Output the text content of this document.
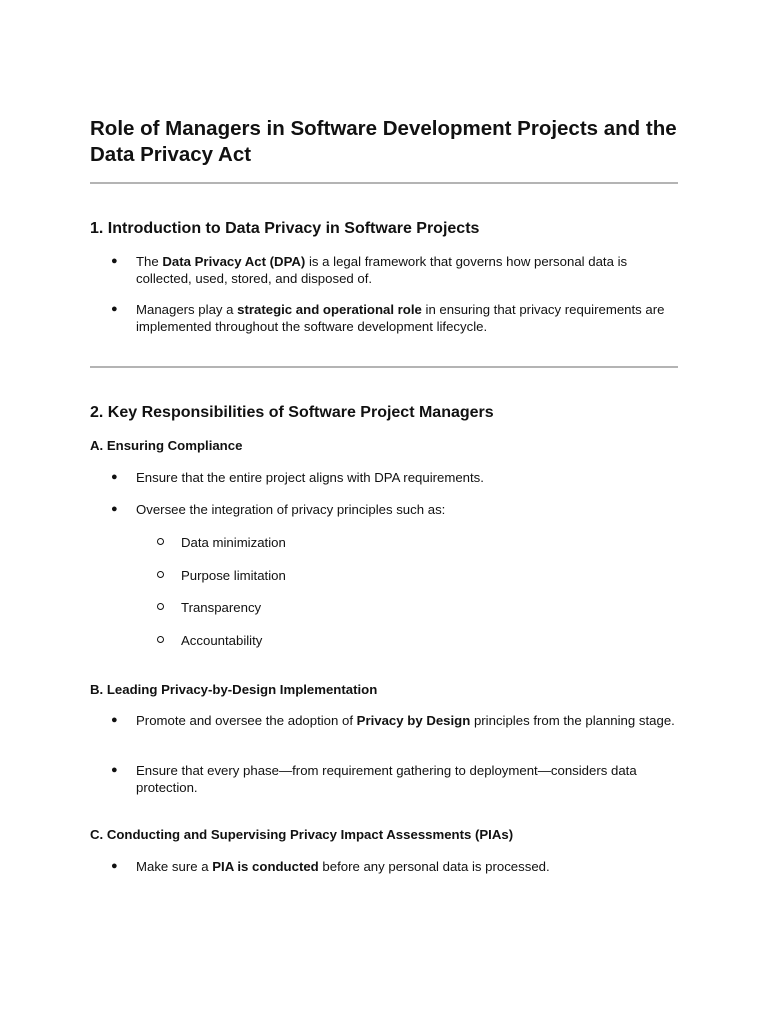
Role of Managers in Software Development Projects and the Data Privacy Act
1. Introduction to Data Privacy in Software Projects
● The Data Privacy Act (DPA) is a legal framework that governs how personal data is collected, used, stored, and disposed of.
● Managers play a strategic and operational role in ensuring that privacy requirements are implemented throughout the software development lifecycle.
2. Key Responsibilities of Software Project Managers
A. Ensuring Compliance
● Ensure that the entire project aligns with DPA requirements.
● Oversee the integration of privacy principles such as:
Data minimization
Purpose limitation
Transparency
Accountability
B. Leading Privacy-by-Design Implementation
● Promote and oversee the adoption of Privacy by Design principles from the planning stage.
● Ensure that every phase—from requirement gathering to deployment—considers data protection.
C. Conducting and Supervising Privacy Impact Assessments (PIAs)
● Make sure a PIA is conducted before any personal data is processed.
